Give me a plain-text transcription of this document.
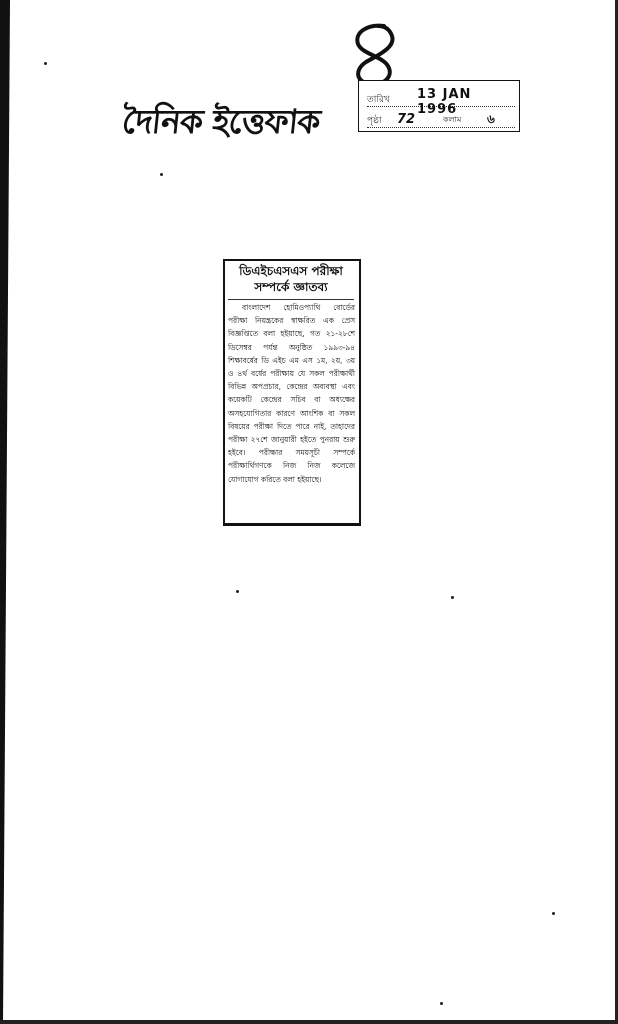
দৈনিক ইত্তেফাক
তারিখ 13 JAN 1996
পৃষ্ঠা 72	কলাম ৬
ডিএইচএসএস পরীক্ষা সম্পর্কে জ্ঞাতব্য
বাংলাদেশ হোমিওপ্যাথি বোর্ডের পরীক্ষা নিয়ন্ত্রকের স্বাক্ষরিত এক প্রেস বিজ্ঞপ্তিতে বলা হইয়াছে, গত ২১-২৮শে ডিসেম্বর পর্যন্ত অনুষ্ঠিত ১৯৯৩-৯৪ শিক্ষাবর্ষের ডি এইচ এম এস ১ম, ২য়, ৩য় ও ৪র্থ বর্ষের পরীক্ষায় যে সকল পরীক্ষার্থী বিভিন্ন অপপ্রচার, কেন্দ্রের অব্যবস্থা এবং কয়েকটি কেন্দ্রের সচিব বা অধ্যক্ষের অসহযোগিতার কারণে আংশিক বা সকল বিষয়ের পরীক্ষা দিতে পারে নাই, তাহাদের পরীক্ষা ২৭শে জানুয়ারী হইতে পুনরায় শুরু হইবে। পরীক্ষার সময়সূচী সম্পর্কে পরীক্ষার্থিগণকে নিজ নিজ কলেজে যোগাযোগ করিতে বলা হইয়াছে।
